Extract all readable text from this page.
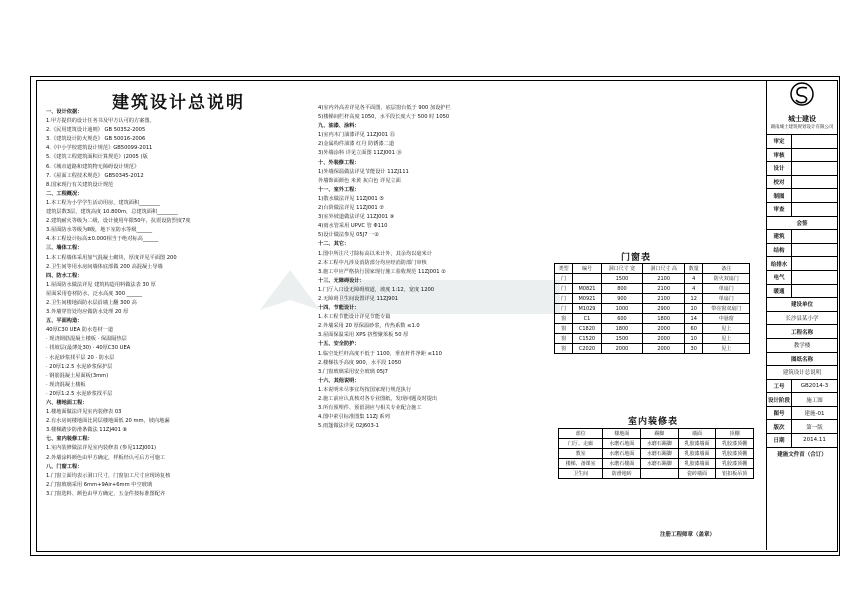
建筑设计总说明
一、设计依据：
1.甲方提供的设计任务书及甲方认可的方案图。
2.《民用建筑设计通则》 GB 50352-2005
3.《建筑设计防火规范》 GB 50016-2006
4.《中小学校建筑设计规范》GB50099-2011
5.《建筑工程建筑面积计算规范》(2005 )版
6.《城市道路和建筑物无障碍设计规范》
7.《屋面工程技术规范》 GB50345-2012
8.国家现行有关建筑设计规范
二、工程概况：
1.本工程为小学学生活动用房，建筑面积________
建筑层数3层，建筑高度 10.800m，总建筑面积________
2.建筑耐火等级为二级，设计使用年限50年，抗震设防烈度7度
3.屋面防水等级为Ⅱ级，地下室防水等级______
4.本工程设计标高±0.000相当于绝对标高______
三、墙体工程：
1.本工程墙体采用加气混凝土砌块，厚度详见平面图 200
2.卫生间等用水房间墙体底部做 200 高混凝土导墙
四、防水工程：
1.屋面防水做法详见 建筑构造用料做法表 30 厚
屋面采用卷材防水，泛水高度 300 ______
2.卫生间楼地面防水层沿墙上翻 300 高
3.外墙穿管处均应做防水处理 20 厚
五、平面构造：
40厚C30 UEA 防水卷材一道
· 现浇钢筋混凝土楼板 · 保温隔热层
· 找坡层(最薄处30) · 40厚C30 UEA
· 水泥砂浆找平层 20 · 防水层
· 20厚1:2.5 水泥砂浆保护层
· 钢筋混凝土屋面板(3mm)
· 现浇混凝土楼板
· 20厚1:2.5 水泥砂浆找平层
六、楼地面工程：
1.楼地面做法详见室内装修表 03
2.有水房间楼地面比同层楼地面低 20 mm，坡向地漏
3.楼梯踏步防滑条做法 11ZJ401 ⑧
七、室内装修工程：
1.室内装修做法详见室内装修表 (参见11ZJ001)
2.外墙涂料颜色由甲方确定，样板经认可后方可施工
八、门窗工程：
1.门窗立面均表示洞口尺寸，门窗加工尺寸应现场复核
2.门窗玻璃采用 6mm+9Air+6mm 中空玻璃
3.门窗选料、颜色由甲方确定，五金件按标准图配齐
4)室内外高差详见各平面图，底层窗台低于 900 加设护栏
5)楼梯间栏杆高度 1050，水平段长度大于 500 时 1050
九、油漆、涂料：
1)室内木门油漆详见 11ZJ001 ⑮
2)金属构件油漆 红丹 防锈漆二道
3)外墙涂料 详见立面图 11ZJ001 ⑱
十、外装修工程：
1)外墙保温做法详见节能设计 11ZJ111
外墙饰面颜色 米黄 灰白色 详见立面
十一、室外工程：
1)散水做法详见 11ZJ001 ⑤
2)台阶做法详见 11ZJ001 ⑦
3)室外坡道做法详见 11ZJ001 ⑨
4)雨水管采用 UPVC 管 Φ110
5)设计做法参见 05J7 一②
十二、其它：
1.图中所注尺寸除标高以米计外，其余均以毫米计
2.本工程中凡涉及消防部分均应经消防部门审核
3.施工中应严格执行国家现行施工验收规范 11ZJ001 ②
十三、无障碍设计：
1.门厅入口设无障碍坡道，坡度 1:12，宽度 1200
2.无障碍卫生间设置详见 11ZJ901
十四、节能设计：
1.本工程节能设计详见节能专篇
2.外墙采用 20 厚保温砂浆，传热系数 ≤1.0
3.屋面保温采用 XPS 挤塑聚苯板 50 厚
十五、安全防护：
1.临空处栏杆高度不低于 1100，垂直杆件净距 ≤110
2.楼梯扶手高度 900，水平段 1050
3.门窗玻璃采用安全玻璃 05J7
十六、其他说明：
1.本说明未尽事宜均按国家现行规范执行
2.施工前应认真核对各专业图纸，发现问题及时提出
3.所有预埋件、预留洞应与相关专业配合施工
4.图中索引标准图集 11ZJ 系列
5.雨篷做法详见 02J603-1
门窗表
类型	编号	洞口尺寸 宽	洞口尺寸 高	数量	备注
门		1500	2100	4	防火双扇门
门	M0821	800	2100	4	单扇门
门	M0921	900	2100	12	单扇门
门	M1029	1000	2900	10	带亮窗双扇门
窗	C1	600	1800	14	中悬窗
窗	C1820	1800	2000	60	见上
窗	C1520	1500	2000	10	见上
窗	C2020	2000	2000	30	见上
室内装修表
部位	楼地面	踢脚	墙面	顶棚
门厅、走廊	水磨石地面	水磨石踢脚	乳胶漆墙面	乳胶漆顶棚
教室	水磨石地面	水磨石踢脚	乳胶漆墙面	乳胶漆顶棚
楼梯、备课室	水磨石楼面	水磨石踢脚	乳胶漆墙面	乳胶漆顶棚
卫生间	防滑地砖		瓷砖墙面	铝扣板吊顶
城士建设
湖南城士建筑规划设计有限公司
审定
审核
设计
校对
制图
审查
会签
建筑
结构
给排水
电气
暖通
建设单位
长沙县某小学
工程名称
教学楼
图纸名称
建筑设计总说明
工号	GB2014-3
设计阶段	施工图
图号	建施-01
版次	第一版
日期	2014.11
建施文件首（合订）
注册工程师章（盖章）
